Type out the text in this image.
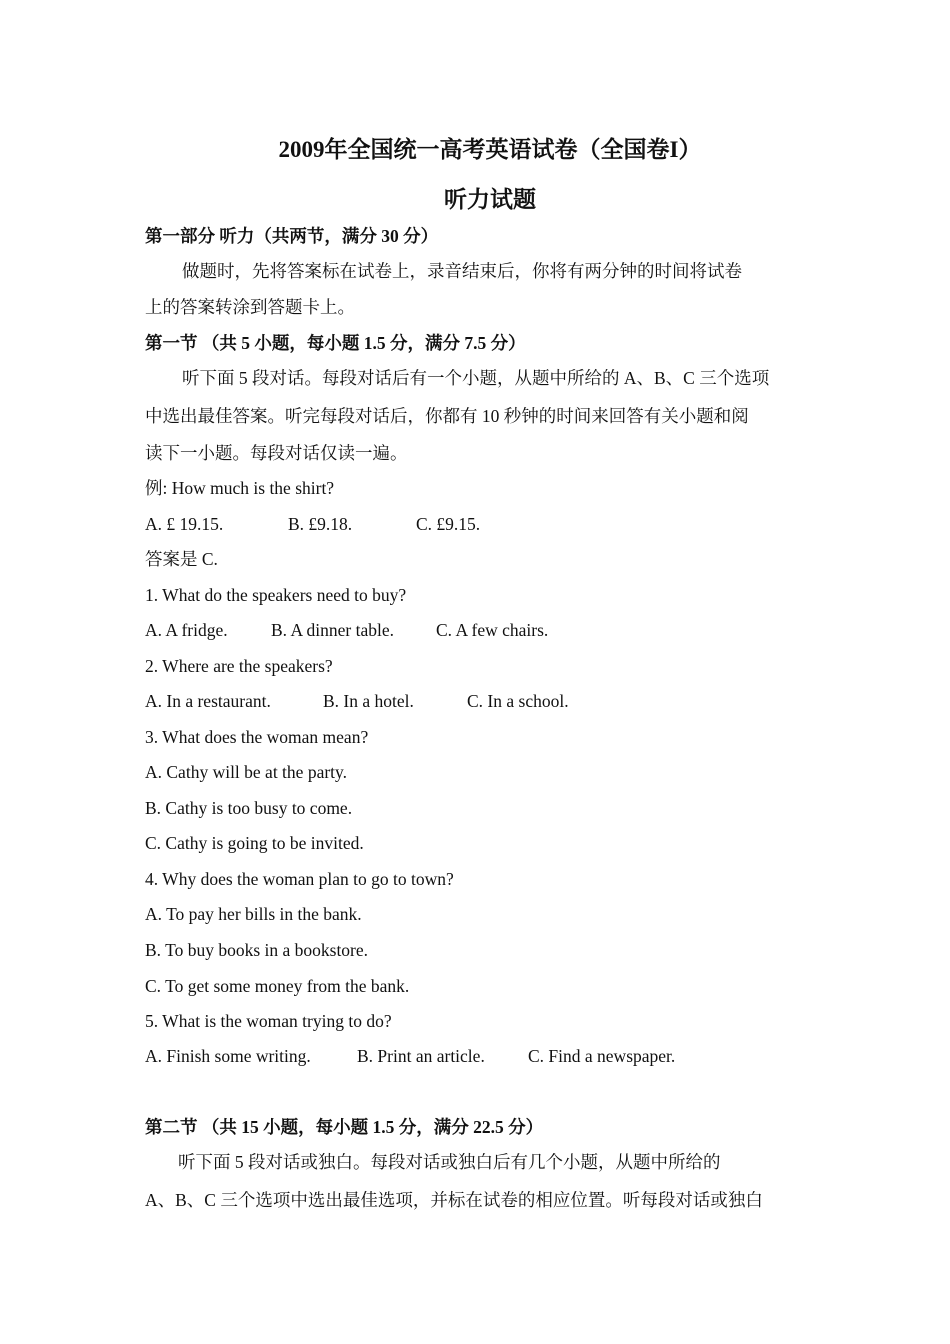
2009年全国统一高考英语试卷（全国卷I）
听力试题
第一部分 听力（共两节，满分 30 分）
做题时，先将答案标在试卷上，录音结束后，你将有两分钟的时间将试卷
上的答案转涂到答题卡上。
第一节 （共 5 小题，每小题 1.5 分，满分 7.5 分）
听下面 5 段对话。每段对话后有一个小题，从题中所给的 A、B、C 三个选项
中选出最佳答案。听完每段对话后，你都有 10 秒钟的时间来回答有关小题和阅
读下一小题。每段对话仅读一遍。
例: How much is the shirt?
A. £ 19.15.	B. £9.18.	C. £9.15.
答案是 C.
1. What do the speakers need to buy?
A. A fridge. B. A dinner table. C. A few chairs.
2. Where are the speakers?
A. In a restaurant.	B. In a hotel.	C. In a school.
3. What does the woman mean?
A. Cathy will be at the party.
B. Cathy is too busy to come.
C. Cathy is going to be invited.
4. Why does the woman plan to go to town?
A. To pay her bills in the bank.
B. To buy books in a bookstore.
C. To get some money from the bank.
5. What is the woman trying to do?
A. Finish some writing.	B. Print an article. C. Find a newspaper.
第二节 （共 15 小题，每小题 1.5 分，满分 22.5 分）
听下面 5 段对话或独白。每段对话或独白后有几个小题，从题中所给的
A、B、C 三个选项中选出最佳选项，并标在试卷的相应位置。听每段对话或独白
